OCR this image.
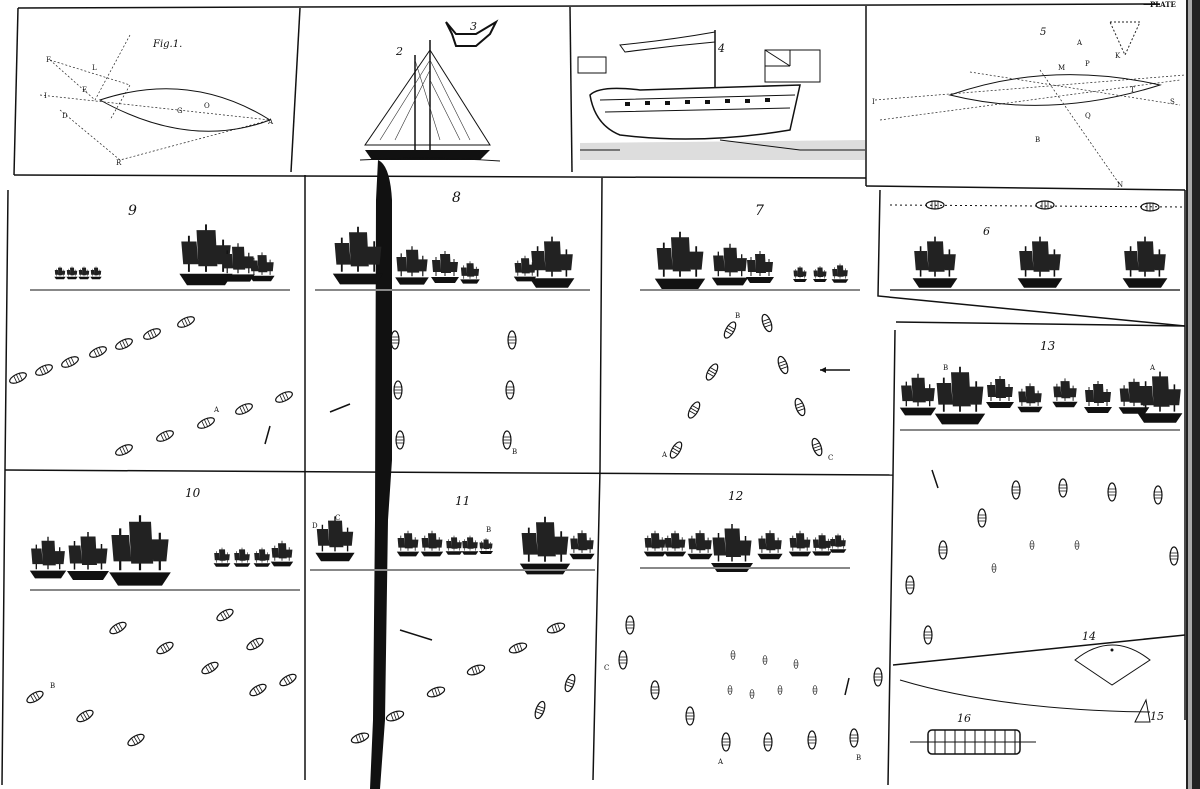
PLATE
Fig.1.
F
L
I
E
D
R
G
O
A
2
3
4
5
A
M	P
K
T
Q
B
I
N
S
6
7
B
A	C
8
B
9
A
10
B
11
C
D	B
12
C
A	B
13
B	A
14
15
16
